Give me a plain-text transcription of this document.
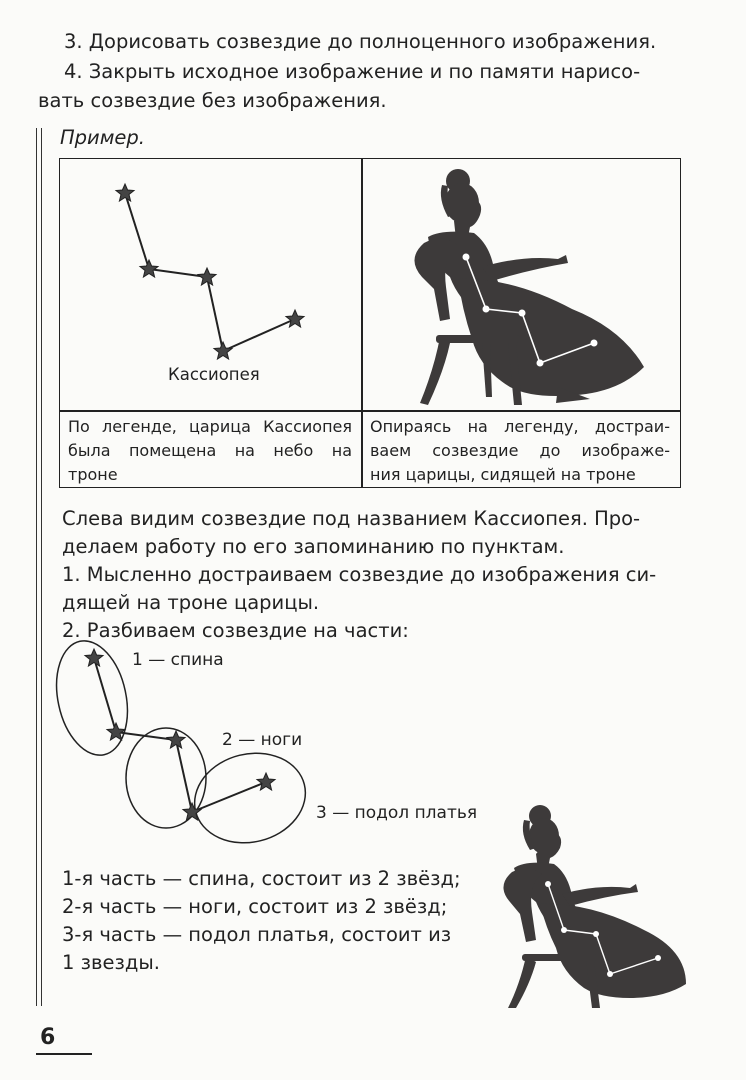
3. Дорисовать созвездие до полноценного изображения.
4. Закрыть исходное изображение и по памяти нарисо-
вать созвездие без изображения.
Пример.
Кассиопея
По легенде, царица Кассиопея
была помещена на небо на
троне
Опираясь на легенду, достраи-
ваем созвездие до изображе-
ния царицы, сидящей на троне
Слева видим созвездие под названием Кассиопея. Про-
делаем работу по его запоминанию по пунктам.
1. Мысленно достраиваем созвездие до изображения си-
дящей на троне царицы.
2. Разбиваем созвездие на части:
1 — спина
2 — ноги
3 — подол платья
1-я часть — спина, состоит из 2 звёзд;
2-я часть — ноги, состоит из 2 звёзд;
3-я часть — подол платья, состоит из
1 звезды.
6
